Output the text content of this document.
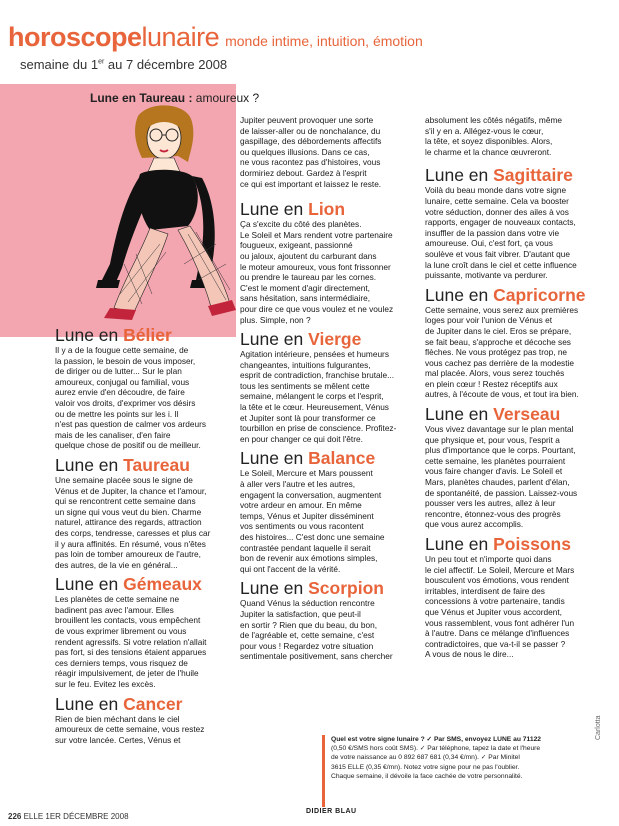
horoscopelunaire monde intime, intuition, émotion
semaine du 1er au 7 décembre 2008
Lune en Taureau : amoureux ?
Lune en Bélier

Il y a de la fougue cette semaine, de

la passion, le besoin de vous imposer,

de diriger ou de lutter... Sur le plan

amoureux, conjugal ou familial, vous

aurez envie d'en découdre, de faire

valoir vos droits, d'exprimer vos désirs

ou de mettre les points sur les i. Il

n'est pas question de calmer vos ardeurs

mais de les canaliser, d'en faire

quelque chose de positif ou de meilleur.

Lune en Taureau

Une semaine placée sous le signe de

Vénus et de Jupiter, la chance et l'amour,

qui se rencontrent cette semaine dans

un signe qui vous veut du bien. Charme

naturel, attirance des regards, attraction

des corps, tendresse, caresses et plus car

il y aura affinités. En résumé, vous n'êtes

pas loin de tomber amoureux de l'autre,

des autres, de la vie en général...

Lune en Gémeaux

Les planètes de cette semaine ne

badinent pas avec l'amour. Elles

brouillent les contacts, vous empêchent

de vous exprimer librement ou vous

rendent agressifs. Si votre relation n'allait

pas fort, si des tensions étaient apparues

ces derniers temps, vous risquez de

réagir impulsivement, de jeter de l'huile

sur le feu. Evitez les excès.

Lune en Cancer

Rien de bien méchant dans le ciel

amoureux de cette semaine, vous restez

sur votre lancée. Certes, Vénus et

Jupiter peuvent provoquer une sorte

de laisser-aller ou de nonchalance, du

gaspillage, des débordements affectifs

ou quelques illusions. Dans ce cas,

ne vous racontez pas d'histoires, vous

dormiriez debout. Gardez à l'esprit

ce qui est important et laissez le reste.

Lune en Lion

Ça s'excite du côté des planètes.

Le Soleil et Mars rendent votre partenaire

fougueux, exigeant, passionné

ou jaloux, ajoutent du carburant dans

le moteur amoureux, vous font frissonner

ou prendre le taureau par les cornes.

C'est le moment d'agir directement,

sans hésitation, sans intermédiaire,

pour dire ce que vous voulez et ne voulez

plus. Simple, non ?

Lune en Vierge

Agitation intérieure, pensées et humeurs

changeantes, intuitions fulgurantes,

esprit de contradiction, franchise brutale...

tous les sentiments se mêlent cette

semaine, mélangent le corps et l'esprit,

la tête et le cœur. Heureusement, Vénus

et Jupiter sont là pour transformer ce

tourbillon en prise de conscience. Profitez-

en pour changer ce qui doit l'être.

Lune en Balance

Le Soleil, Mercure et Mars poussent

à aller vers l'autre et les autres,

engagent la conversation, augmentent

votre ardeur en amour. En même

temps, Vénus et Jupiter disséminent

vos sentiments ou vous racontent

des histoires... C'est donc une semaine

contrastée pendant laquelle il serait

bon de revenir aux émotions simples,

qui ont l'accent de la vérité.

Lune en Scorpion

Quand Vénus la séduction rencontre

Jupiter la satisfaction, que peut-il

en sortir ? Rien que du beau, du bon,

de l'agréable et, cette semaine, c'est

pour vous ! Regardez votre situation

sentimentale positivement, sans chercher

absolument les côtés négatifs, même

s'il y en a. Allégez-vous le cœur,

la tête, et soyez disponibles. Alors,

le charme et la chance œuvreront.

Lune en Sagittaire

Voilà du beau monde dans votre signe

lunaire, cette semaine. Cela va booster

votre séduction, donner des ailes à vos

rapports, engager de nouveaux contacts,

insuffler de la passion dans votre vie

amoureuse. Oui, c'est fort, ça vous

soulève et vous fait vibrer. D'autant que

la lune croît dans le ciel et cette influence

puissante, motivante va perdurer.

Lune en Capricorne

Cette semaine, vous serez aux premières

loges pour voir l'union de Vénus et

de Jupiter dans le ciel. Eros se prépare,

se fait beau, s'approche et décoche ses

flèches. Ne vous protégez pas trop, ne

vous cachez pas derrière de la modestie

mal placée. Alors, vous serez touchés

en plein cœur ! Restez réceptifs aux

autres, à l'écoute de vous, et tout ira bien.

Lune en Verseau

Vous vivez davantage sur le plan mental

que physique et, pour vous, l'esprit a

plus d'importance que le corps. Pourtant,

cette semaine, les planètes pourraient

vous faire changer d'avis. Le Soleil et

Mars, planètes chaudes, parlent d'élan,

de spontanéité, de passion. Laissez-vous

pousser vers les autres, allez à leur

rencontre, étonnez-vous des progrès

que vous aurez accomplis.

Lune en Poissons

Un peu tout et n'importe quoi dans

le ciel affectif. Le Soleil, Mercure et Mars

bousculent vos émotions, vous rendent

irritables, interdisent de faire des

concessions à votre partenaire, tandis

que Vénus et Jupiter vous accordent,

vous rassemblent, vous font adhérer l'un

à l'autre. Dans ce mélange d'influences

contradictoires, que va-t-il se passer ?

A vous de nous le dire...

Quel est votre signe lunaire ? ✓ Par SMS, envoyez LUNE au 71122
(0,50 €/SMS hors coût SMS). ✓ Par téléphone, tapez la date et l'heure
de votre naissance au 0 892 687 681 (0,34 €/mn). ✓ Par Minitel
3615 ELLE (0,35 €/mn). Notez votre signe pour ne pas l'oublier.
Chaque semaine, il dévoile la face cachée de votre personnalité.
DIDIER BLAU
226 ELLE 1ER DÉCEMBRE 2008
Carlotta
